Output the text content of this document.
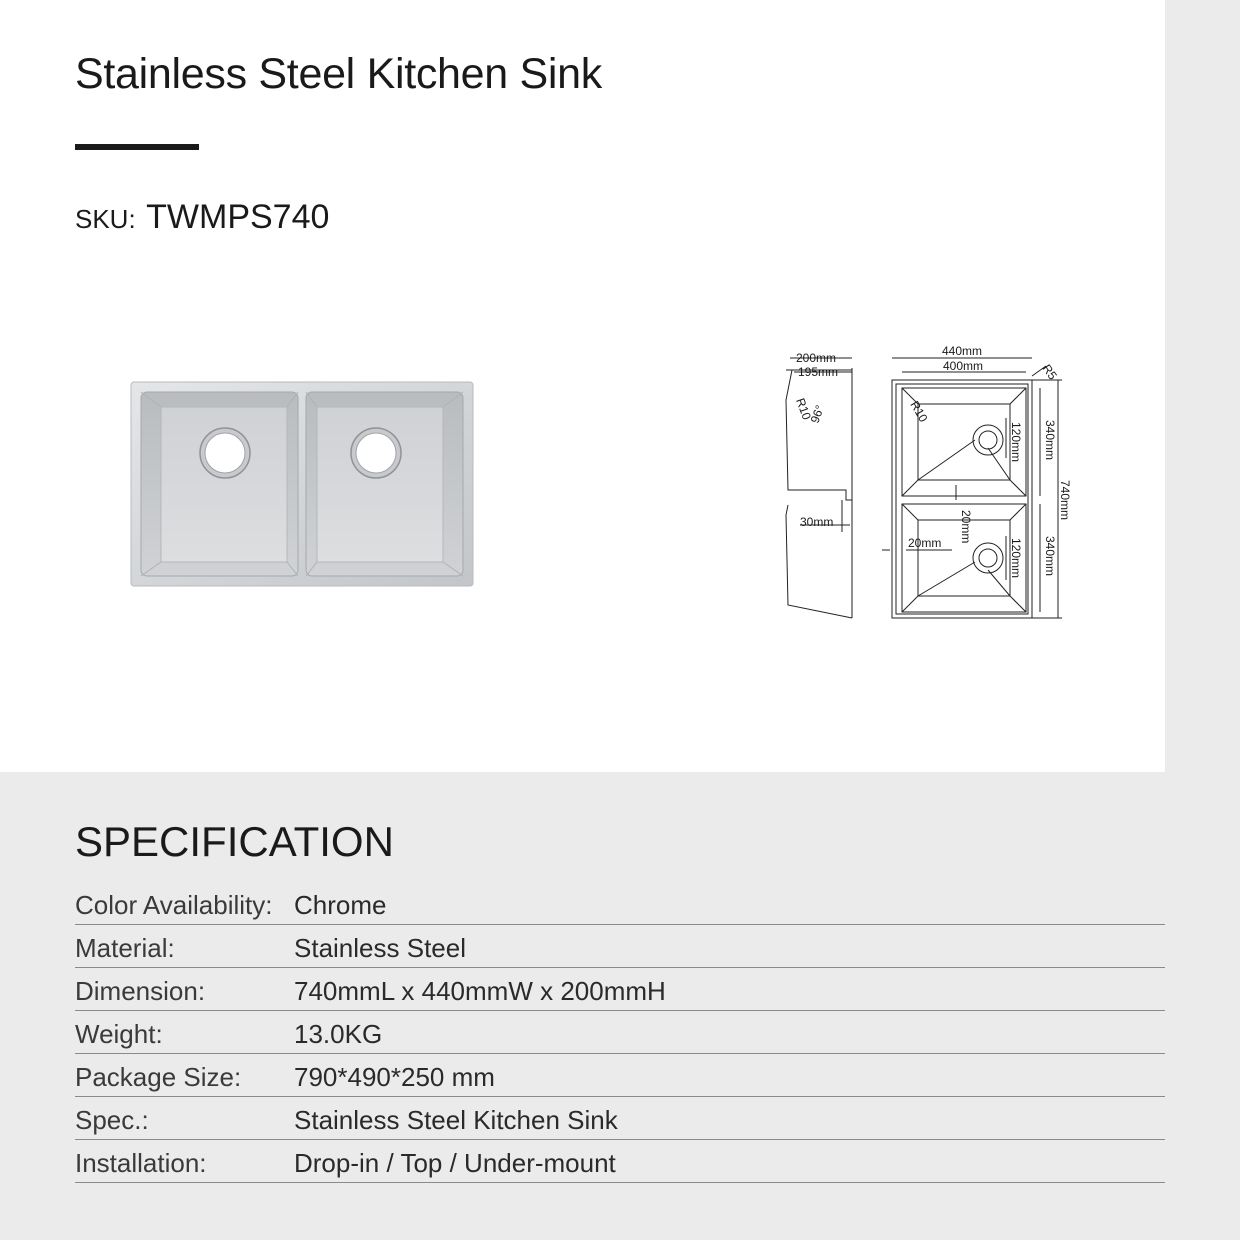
Stainless Steel Kitchen Sink
SKU: TWMPS740
200mm
195mm
R10
96°
30mm
440mm
400mm	R5
R10
120mm
120mm
340mm
340mm
740mm
20mm
20mm
SPECIFICATION
Color Availability: Chrome
Material:	Stainless Steel
Dimension:	740mmL x 440mmW x 200mmH
Weight:	13.0KG
Package Size: 790*490*250 mm
Spec.:	Stainless Steel Kitchen Sink
Installation:	Drop-in / Top / Under-mount
